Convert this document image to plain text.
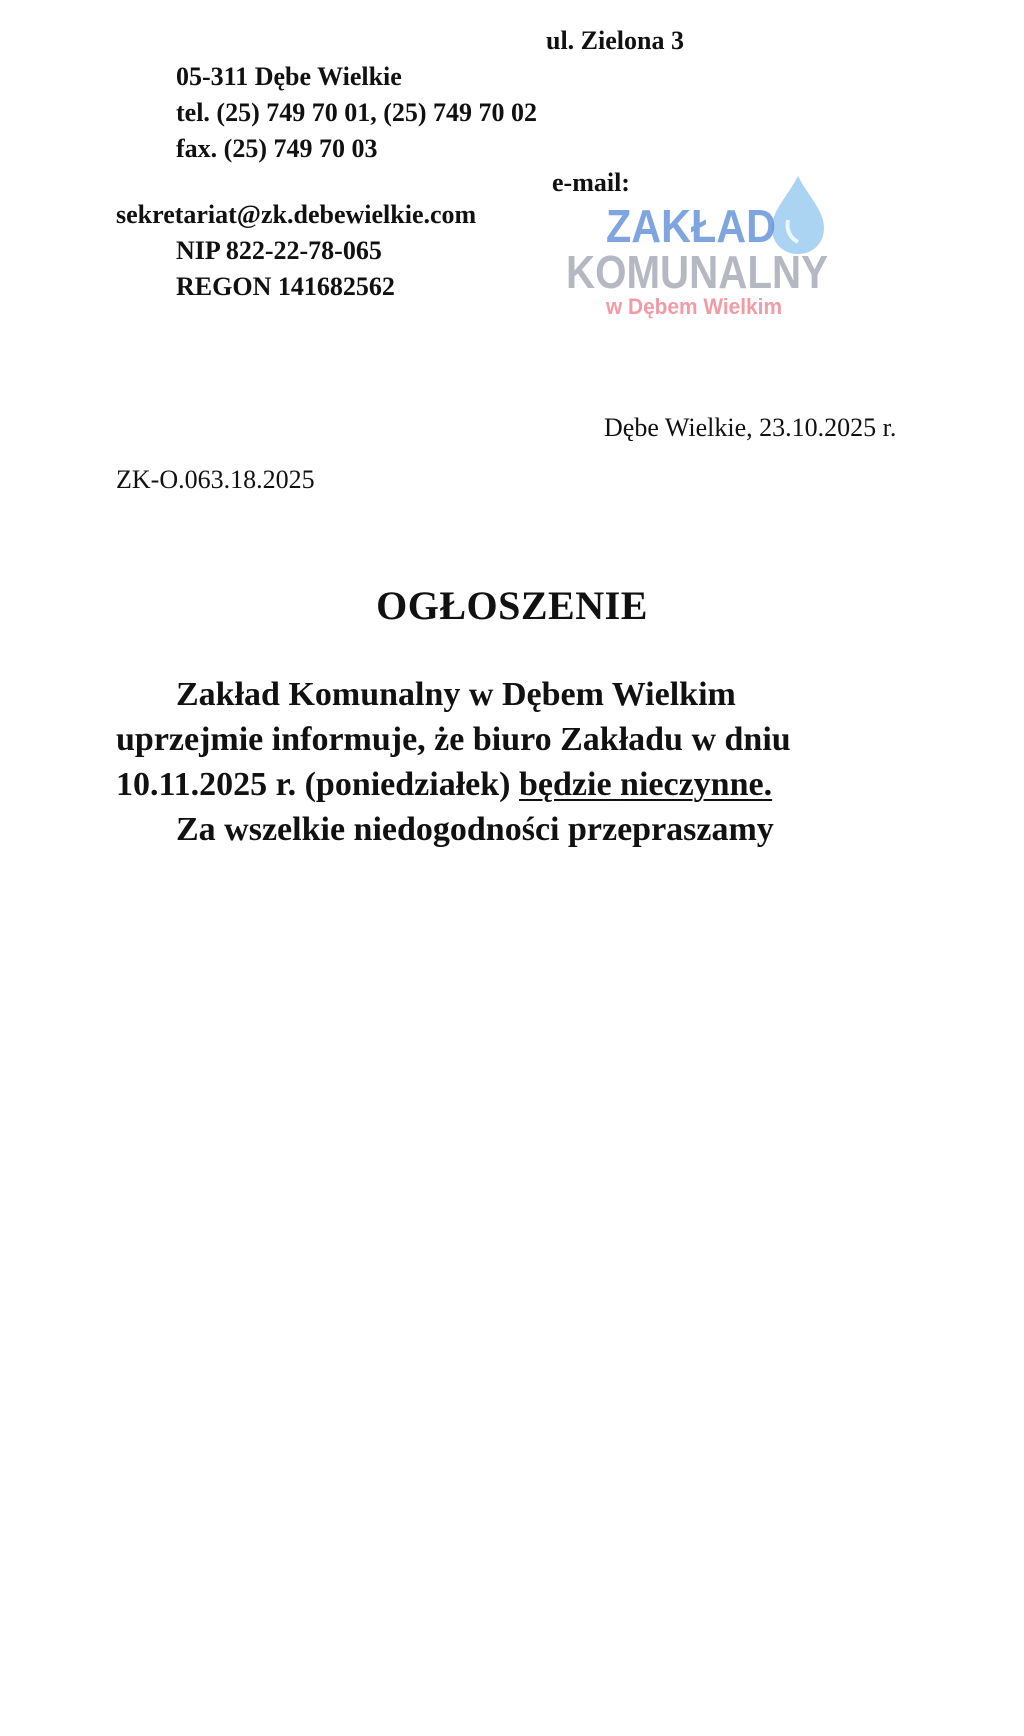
ul. Zielona 3
05-311 Dębe Wielkie
tel. (25) 749 70 01, (25) 749 70 02
fax. (25) 749 70 03
e-mail:
sekretariat@zk.debewielkie.com
NIP 822-22-78-065
REGON 141682562
ZAKŁAD
KOMUNALNY
w Dębem Wielkim
Dębe Wielkie, 23.10.2025 r.
ZK-O.063.18.2025
OGŁOSZENIE
Zakład Komunalny w Dębem Wielkim
uprzejmie informuje, że biuro Zakładu w dniu
10.11.2025 r. (poniedziałek) będzie nieczynne.
Za wszelkie niedogodności przepraszamy
